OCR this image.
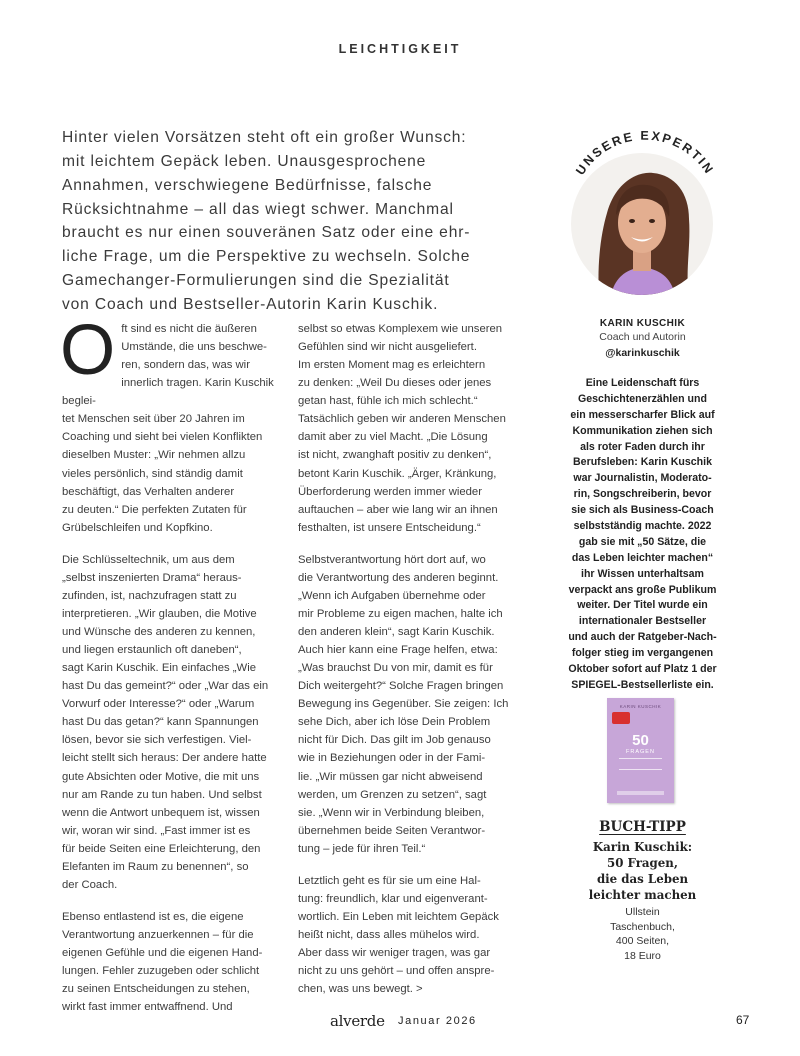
LEICHTIGKEIT
Hinter vielen Vorsätzen steht oft ein großer Wunsch:
mit leichtem Gepäck leben. Unausgesprochene
Annahmen, verschwiegene Bedürfnisse, falsche
Rücksichtnahme – all das wiegt schwer. Manchmal
braucht es nur einen souveränen Satz oder eine ehr-
liche Frage, um die Perspektive zu wechseln. Solche
Gamechanger-Formulierungen sind die Spezialität
von Coach und Bestseller-Autorin Karin Kuschik.

Oft sind es nicht die äußeren
Umstände, die uns beschwe-
ren, sondern das, was wir
innerlich tragen. Karin Kuschik beglei-
tet Menschen seit über 20 Jahren im
Coaching und sieht bei vielen Konflikten
dieselben Muster: „Wir nehmen allzu
vieles persönlich, sind ständig damit
beschäftigt, das Verhalten anderer
zu deuten.“ Die perfekten Zutaten für
Grübelschleifen und Kopfkino.

Die Schlüsseltechnik, um aus dem
„selbst inszenierten Drama“ heraus-
zufinden, ist, nachzufragen statt zu
interpretieren. „Wir glauben, die Motive
und Wünsche des anderen zu kennen,
und liegen erstaunlich oft daneben“,
sagt Karin Kuschik. Ein einfaches „Wie
hast Du das gemeint?“ oder „War das ein
Vorwurf oder Interesse?“ oder „Warum
hast Du das getan?“ kann Spannungen
lösen, bevor sie sich verfestigen. Viel-
leicht stellt sich heraus: Der andere hatte
gute Absichten oder Motive, die mit uns
nur am Rande zu tun haben. Und selbst
wenn die Antwort unbequem ist, wissen
wir, woran wir sind. „Fast immer ist es
für beide Seiten eine Erleichterung, den
Elefanten im Raum zu benennen“, so
der Coach.

Ebenso entlastend ist es, die eigene
Verantwortung anzuerkennen – für die
eigenen Gefühle und die eigenen Hand-
lungen. Fehler zuzugeben oder schlicht
zu seinen Entscheidungen zu stehen,
wirkt fast immer entwaffnend. Und

selbst so etwas Komplexem wie unseren
Gefühlen sind wir nicht ausgeliefert.
Im ersten Moment mag es erleichtern
zu denken: „Weil Du dieses oder jenes
getan hast, fühle ich mich schlecht.“
Tatsächlich geben wir anderen Menschen
damit aber zu viel Macht. „Die Lösung
ist nicht, zwanghaft positiv zu denken“,
betont Karin Kuschik. „Ärger, Kränkung,
Überforderung werden immer wieder
auftauchen – aber wie lang wir an ihnen
festhalten, ist unsere Entscheidung.“

Selbstverantwortung hört dort auf, wo
die Verantwortung des anderen beginnt.
„Wenn ich Aufgaben übernehme oder
mir Probleme zu eigen machen, halte ich
den anderen klein“, sagt Karin Kuschik.
Auch hier kann eine Frage helfen, etwa:
„Was brauchst Du von mir, damit es für
Dich weitergeht?“ Solche Fragen bringen
Bewegung ins Gegenüber. Sie zeigen: Ich
sehe Dich, aber ich löse Dein Problem
nicht für Dich. Das gilt im Job genauso
wie in Beziehungen oder in der Fami-
lie. „Wir müssen gar nicht abweisend
werden, um Grenzen zu setzen“, sagt
sie. „Wenn wir in Verbindung bleiben,
übernehmen beide Seiten Verantwor-
tung – jede für ihren Teil.“

Letztlich geht es für sie um eine Hal-
tung: freundlich, klar und eigenverant-
wortlich. Ein Leben mit leichtem Gepäck
heißt nicht, dass alles mühelos wird.
Aber dass wir weniger tragen, was gar
nicht zu uns gehört – und offen anspre-
chen, was uns bewegt. >

UNSERE EXPERTIN
KARIN KUSCHIK
Coach und Autorin
@karinkuschik
Eine Leidenschaft fürs
Geschichtenerzählen und
ein messerscharfer Blick auf
Kommunikation ziehen sich
als roter Faden durch ihr
Berufsleben: Karin Kuschik
war Journalistin, Moderato-
rin, Songschreiberin, bevor
sie sich als Business-Coach
selbstständig machte. 2022
gab sie mit „50 Sätze, die
das Leben leichter machen“
ihr Wissen unterhaltsam
verpackt ans große Publikum
weiter. Der Titel wurde ein
internationaler Bestseller
und auch der Ratgeber-Nach-
folger stieg im vergangenen
Oktober sofort auf Platz 1 der
SPIEGEL-Bestsellerliste ein.
KARIN KUSCHIK
50
FRAGEN
BUCH-TIPP
Karin Kuschik:
50 Fragen,
die das Leben
leichter machen
Ullstein
Taschenbuch,
400 Seiten,
18 Euro
alverde Januar 2026	67
